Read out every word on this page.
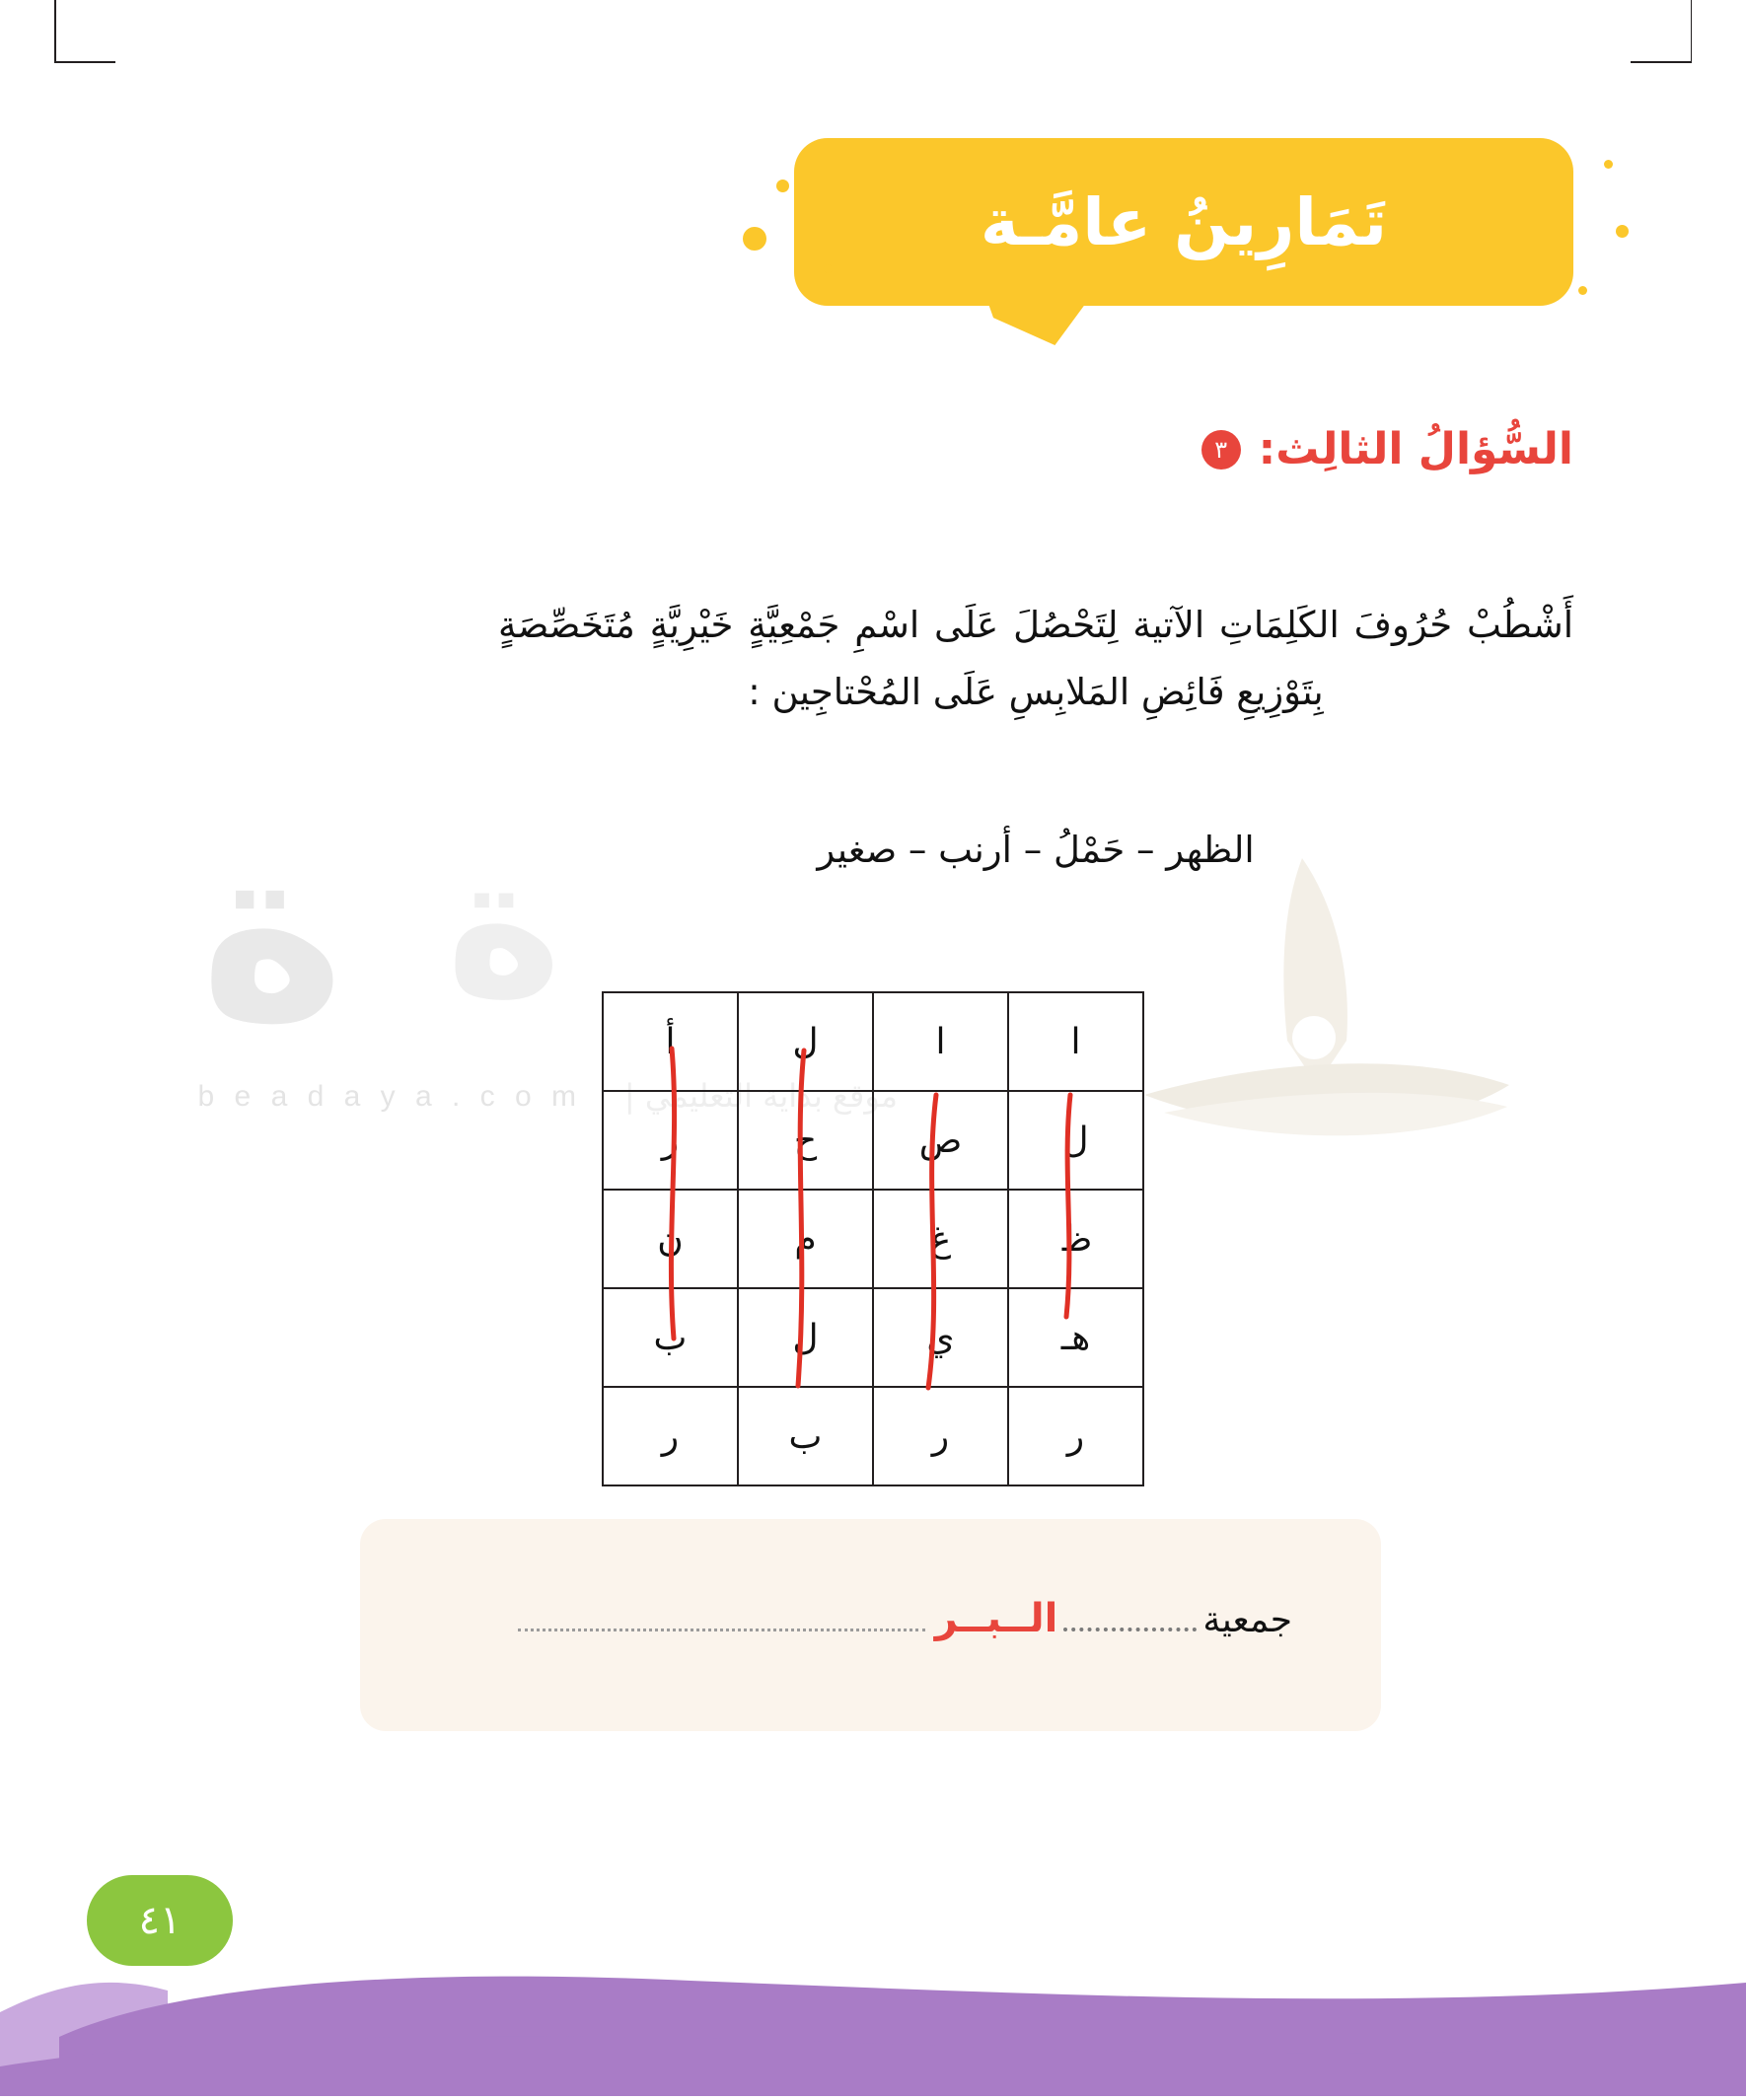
ة ة
b e a d a y a . c o m موقع بداية التعليمي |
تَمَارِينُ عامَّـة
السُّؤالُ الثالِث:
٣
أَشْطُبْ حُرُوفَ الكَلِمَاتِ الآتية لِتَحْصُلَ عَلَى اسْمِ جَمْعِيَّةٍ خَيْرِيَّةٍ مُتَخَصِّصَةٍ بِتَوْزِيعِ فَائِضِ المَلابِسِ عَلَى المُحْتاجِين :
الظهر – حَمْلُ – أرنب – صغير
ا	ا	ل	أ
ل	ص	ح	ر
ظ	غ	م	ن
هـ	ي	ل	ب
ر	ر	ب	ر
جمعية
الــبــر
٤١
